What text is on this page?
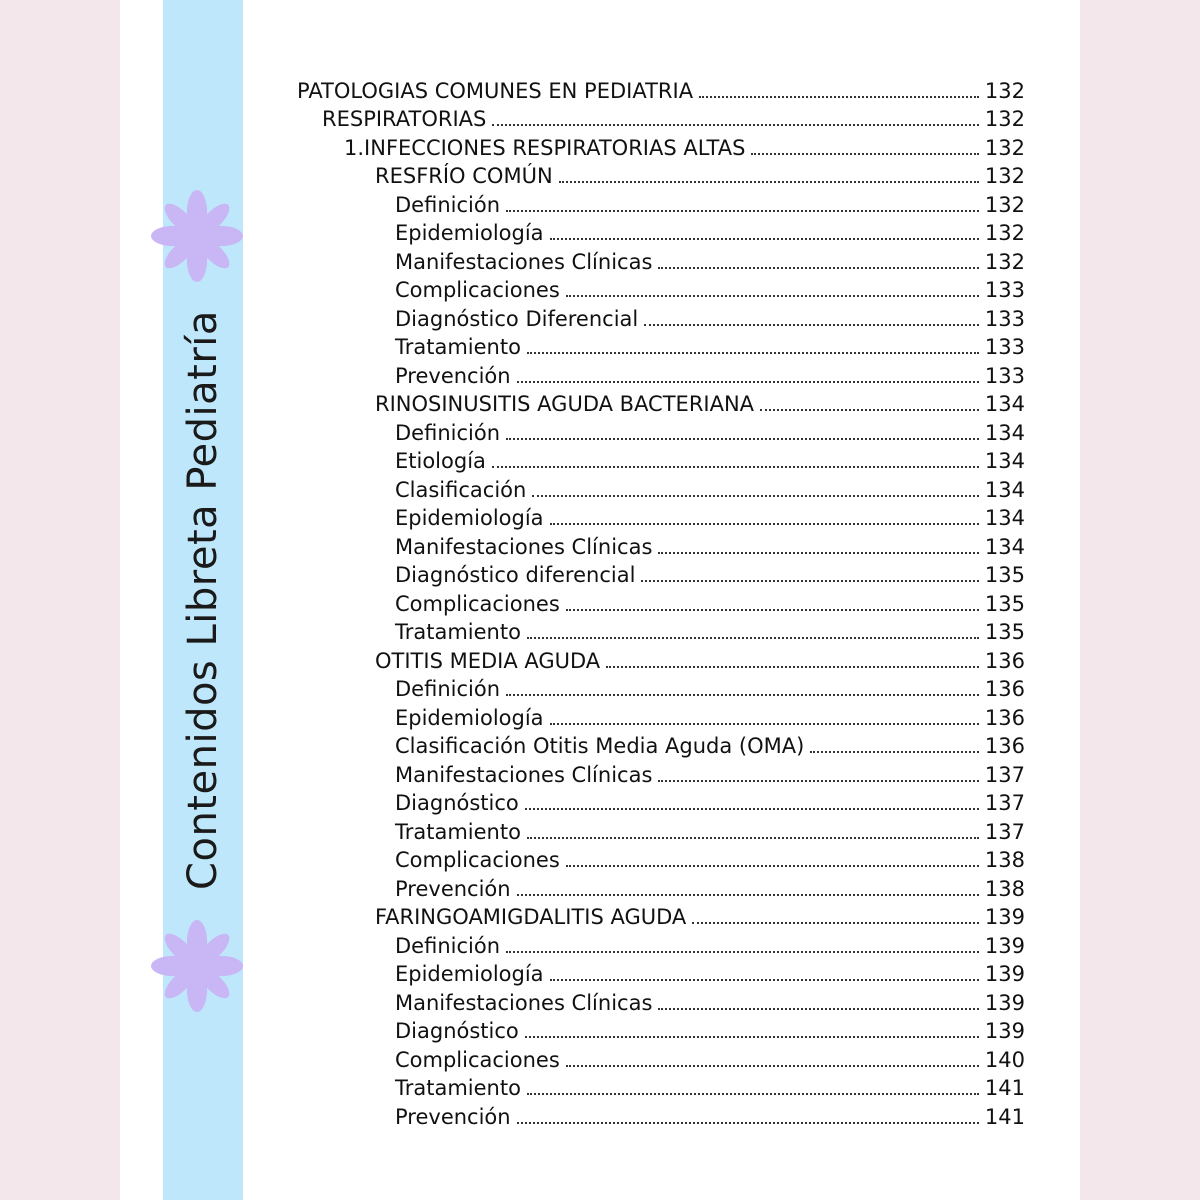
Contenidos Libreta Pediatría
PATOLOGIAS COMUNES EN PEDIATRIA	132
RESPIRATORIAS	132
1.INFECCIONES RESPIRATORIAS ALTAS	132
RESFRÍO COMÚN	132
Definición	132
Epidemiología	132
Manifestaciones Clínicas	132
Complicaciones	133
Diagnóstico Diferencial	133
Tratamiento	133
Prevención	133
RINOSINUSITIS AGUDA BACTERIANA	134
Definición	134
Etiología	134
Clasificación	134
Epidemiología	134
Manifestaciones Clínicas	134
Diagnóstico diferencial	135
Complicaciones	135
Tratamiento	135
OTITIS MEDIA AGUDA	136
Definición	136
Epidemiología	136
Clasificación Otitis Media Aguda (OMA)	136
Manifestaciones Clínicas	137
Diagnóstico	137
Tratamiento	137
Complicaciones	138
Prevención	138
FARINGOAMIGDALITIS AGUDA	139
Definición	139
Epidemiología	139
Manifestaciones Clínicas	139
Diagnóstico	139
Complicaciones	140
Tratamiento	141
Prevención	141
